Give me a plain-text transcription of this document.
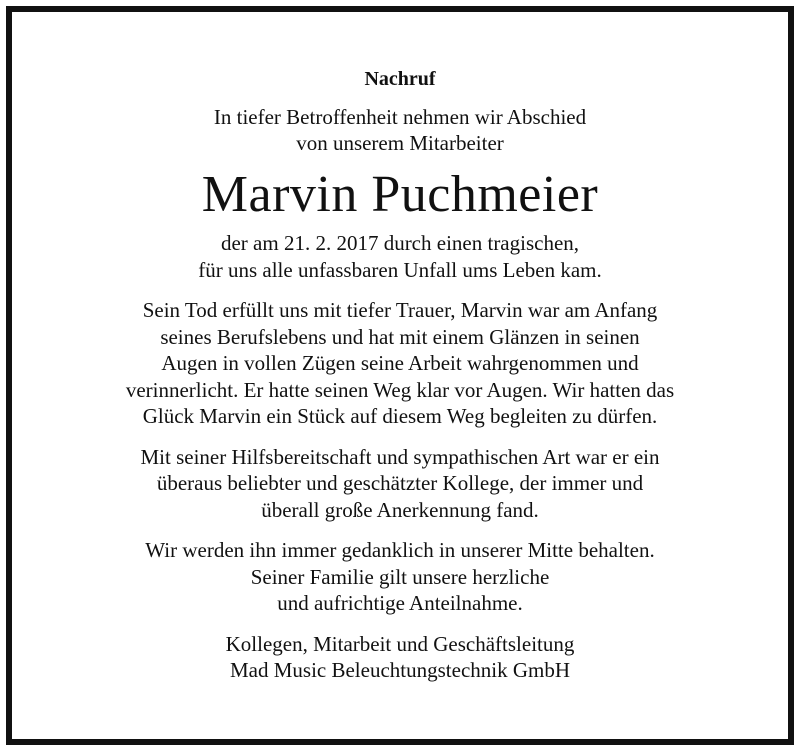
Nachruf
In tiefer Betroffenheit nehmen wir Abschied
von unserem Mitarbeiter
Marvin Puchmeier
der am 21. 2. 2017 durch einen tragischen,
für uns alle unfassbaren Unfall ums Leben kam.
Sein Tod erfüllt uns mit tiefer Trauer, Marvin war am Anfang
seines Berufslebens und hat mit einem Glänzen in seinen
Augen in vollen Zügen seine Arbeit wahrgenommen und
verinnerlicht. Er hatte seinen Weg klar vor Augen. Wir hatten das
Glück Marvin ein Stück auf diesem Weg begleiten zu dürfen.
Mit seiner Hilfsbereitschaft und sympathischen Art war er ein
überaus beliebter und geschätzter Kollege, der immer und
überall große Anerkennung fand.
Wir werden ihn immer gedanklich in unserer Mitte behalten.
Seiner Familie gilt unsere herzliche
und aufrichtige Anteilnahme.
Kollegen, Mitarbeit und Geschäftsleitung
Mad Music Beleuchtungstechnik GmbH
